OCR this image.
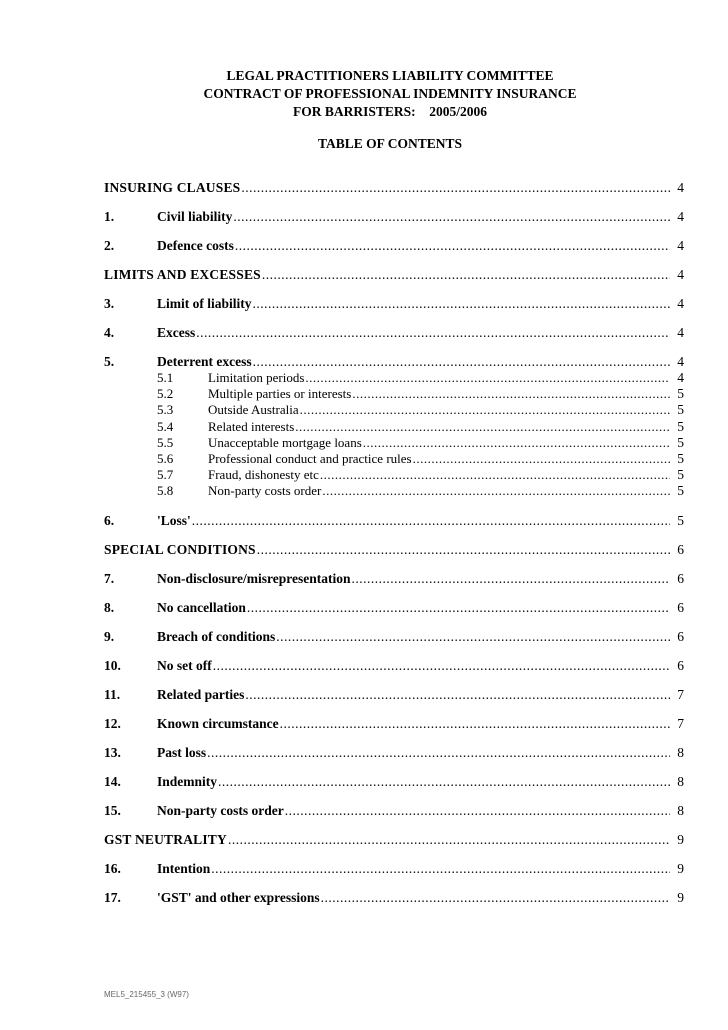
LEGAL PRACTITIONERS LIABILITY COMMITTEE
CONTRACT OF PROFESSIONAL INDEMNITY INSURANCE
FOR BARRISTERS: 2005/2006
TABLE OF CONTENTS
INSURING CLAUSES .....	4
1.	Civil liability .....	4
2.	Defence costs .....	4
LIMITS AND EXCESSES .....	4
3.	Limit of liability .....	4
4.	Excess .....	4
5.	Deterrent excess .....	4
5.1	Limitation periods .....	4
5.2	Multiple parties or interests .....	5
5.3	Outside Australia .....	5
5.4	Related interests .....	5
5.5	Unacceptable mortgage loans .....	5
5.6	Professional conduct and practice rules .....	5
5.7	Fraud, dishonesty etc .....	5
5.8	Non-party costs order .....	5
6.	'Loss' .....	5
SPECIAL CONDITIONS .....	6
7.	Non-disclosure/misrepresentation .....	6
8.	No cancellation .....	6
9.	Breach of conditions .....	6
10.	No set off .....	6
11.	Related parties .....	7
12.	Known circumstance .....	7
13.	Past loss .....	8
14.	Indemnity .....	8
15.	Non-party costs order .....	8
GST NEUTRALITY .....	9
16.	Intention .....	9
17.	'GST' and other expressions .....	9
MEL5_215455_3 (W97)
